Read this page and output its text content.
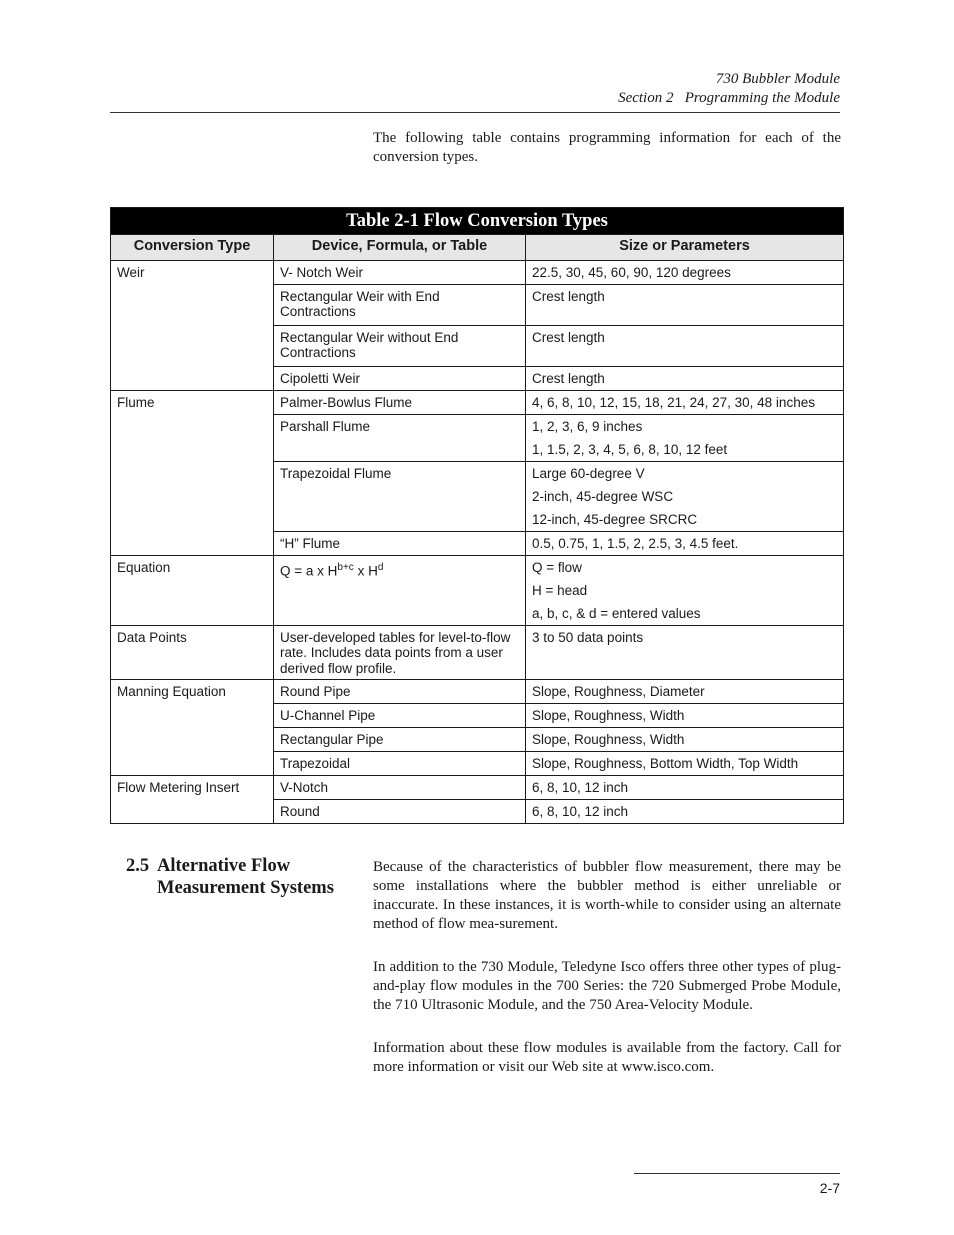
730 Bubbler Module
Section 2   Programming the Module
The following table contains programming information for each of the conversion types.
Table 2-1 Flow Conversion Types		
Conversion Type	Device, Formula, or Table	Size or Parameters
Weir	V- Notch Weir	22.5, 30, 45, 60, 90, 120 degrees

	Rectangular Weir with End Contractions	Crest length

	Rectangular Weir without End Contractions	Crest length

	Cipoletti Weir	Crest length

Flume	Palmer-Bowlus Flume	4, 6, 8, 10, 12, 15, 18, 21, 24, 27, 30, 48 inches

	Parshall Flume	1, 2, 3, 6, 9 inches
1, 1.5, 2, 3, 4, 5, 6, 8, 10, 12 feet

	Trapezoidal Flume	Large 60-degree V
2-inch, 45-degree WSC
12-inch, 45-degree SRCRC

	“H” Flume	0.5, 0.75, 1, 1.5, 2, 2.5, 3, 4.5 feet.

Equation	Q = a x $H^{b+c}$ x $H^d$	Q = flow
H = head
a, b, c, & d = entered values

Data Points	User-developed tables for level-to-flow rate. Includes data points from a user derived flow profile.	3 to 50 data points

Manning Equation	Round Pipe	Slope, Roughness, Diameter

	U-Channel Pipe	Slope, Roughness, Width

	Rectangular Pipe	Slope, Roughness, Width

	Trapezoidal	Slope, Roughness, Bottom Width, Top Width

Flow Metering Insert	V-Notch	6, 8, 10, 12 inch

	Round	6, 8, 10, 12 inch
2.5 Alternative Flow
Measurement Systems
Because of the characteristics of bubbler flow measurement, there may be some installations where the bubbler method is either unreliable or inaccurate. In these instances, it is worth-while to consider using an alternate method of flow mea-surement.
In addition to the 730 Module, Teledyne Isco offers three other types of plug-and-play flow modules in the 700 Series: the 720 Submerged Probe Module, the 710 Ultrasonic Module, and the 750 Area-Velocity Module.
Information about these flow modules is available from the factory. Call for more information or visit our Web site at www.isco.com.
2-7
